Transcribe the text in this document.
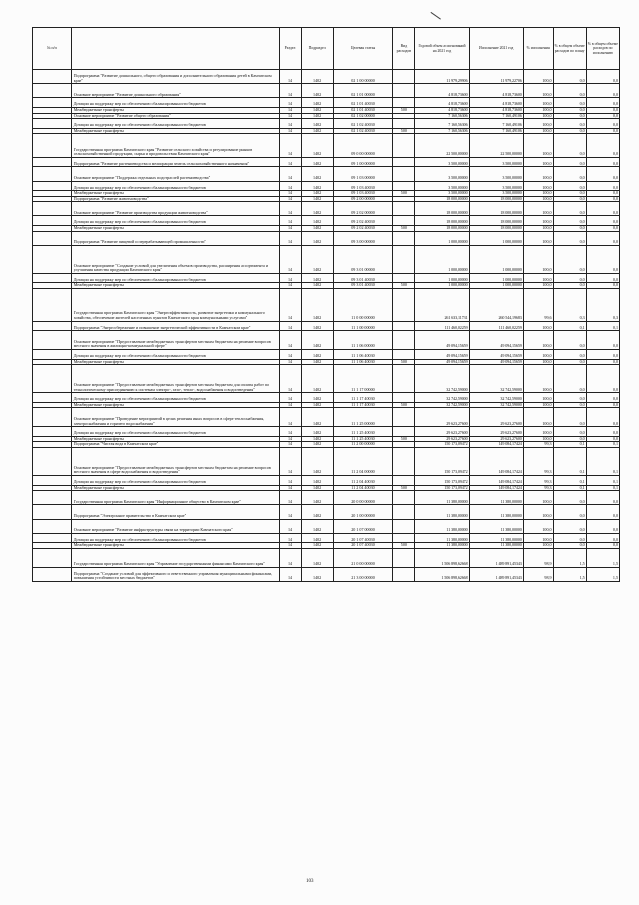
№ п/п		Раздел	Подраздел	Целевая статья	Вид расходов	Годовой объем ассигнований на 2021 год	Исполнение 2021 год	% исполнения	% в общем объеме расходов по плану	% в общем объеме расходов по исполнению
	Подпрограмма "Развитие дошкольного, общего образования и дополнительного образования детей в Камчатском крае"	14	1402	02 1 00 00000		11 979,29906	11 979,22706	100,0	0,0	0,0
	Основное мероприятие "Развитие дошкольного образования"	14	1402	02 1 01 00000		4 818,73600	4 818,73600	100,0	0,0	0,0
	Дотации на поддержку мер по обеспечению сбалансированности бюджетов	14	1402	02 1 01 40030		4 818,73600	4 818,73600	100,0	0,0	0,0
	Межбюджетные трансферты	14	1402	02 1 01 40030	500	4 818,73600	4 818,73600	100,0	0,0	0,0
	Основное мероприятие "Развитие общего образования"	14	1402	02 1 02 00000		7 160,56306	7 160,49106	100,0	0,0	0,0
	Дотации на поддержку мер по обеспечению сбалансированности бюджетов	14	1402	02 1 02 40030		7 160,56306	7 160,49106	100,0	0,0	0,0
	Межбюджетные трансферты	14	1402	02 1 02 40030	500	7 160,56306	7 160,49106	100,0	0,0	0,0
	Государственная программа Камчатского края "Развитие сельского хозяйства и регулирование рынков сельскохозяйственной продукции, сырья и продовольствия Камчатского края"	14	1402	09 0 00 00000		22 500,00000	22 500,00000	100,0	0,0	0,0
	Подпрограмма "Развитие растениеводства и мелиорации земель сельскохозяйственного назначения"	14	1402	09 1 00 00000		3 500,00000	3 500,00000	100,0	0,0	0,0
	Основное мероприятие "Поддержка отдельных подотраслей растениеводства"	14	1402	09 1 03 00000		3 500,00000	3 500,00000	100,0	0,0	0,0
	Дотации на поддержку мер по обеспечению сбалансированности бюджетов	14	1402	09 1 03 40030		3 500,00000	3 500,00000	100,0	0,0	0,0
	Межбюджетные трансферты	14	1402	09 1 03 40030	500	3 500,00000	3 500,00000	100,0	0,0	0,0
	Подпрограмма "Развитие животноводства"	14	1402	09 2 00 00000		18 000,00000	18 000,00000	100,0	0,0	0,0
	Основное мероприятие "Развитие производства продукции животноводства"	14	1402	09 2 02 00000		18 000,00000	18 000,00000	100,0	0,0	0,0
	Дотации на поддержку мер по обеспечению сбалансированности бюджетов	14	1402	09 2 02 40030		18 000,00000	18 000,00000	100,0	0,0	0,0
	Межбюджетные трансферты	14	1402	09 2 02 40030	500	18 000,00000	18 000,00000	100,0	0,0	0,0
	Подпрограмма "Развитие пищевой и перерабатывающей промышленности"	14	1402	09 3 00 00000		1 000,00000	1 000,00000	100,0	0,0	0,0
	Основное мероприятие "Создание условий для увеличения объемов производства, расширения ассортимента и улучшения качества продукции Камчатского края"	14	1402	09 3 01 00000		1 000,00000	1 000,00000	100,0	0,0	0,0
	Дотации на поддержку мер по обеспечению сбалансированности бюджетов	14	1402	09 3 01 40030		1 000,00000	1 000,00000	100,0	0,0	0,0
	Межбюджетные трансферты	14	1402	09 3 01 40030	500	1 000,00000	1 000,00000	100,0	0,0	0,0
	Государственная программа Камчатского края "Энергоэффективность, развитие энергетики и коммунального хозяйства, обеспечение жителей населенных пунктов Камчатского края коммунальными услугами"	14	1402	11 0 00 00000		261 633,11731	260 544,19683	99,6	0,3	0,3
	Подпрограмма "Энергосбережение и повышение энергетической эффективности в Камчатском крае"	14	1402	11 1 00 00000		111 460,02259	111 460,02259	100,0	0,1	0,1
	Основное мероприятие "Предоставление межбюджетных трансфертов местным бюджетам на решение вопросов местного значения в жилищно-коммунальной сфере"	14	1402	11 1 06 00000		49 094,15659	49 094,15659	100,0	0,0	0,0
	Дотации на поддержку мер по обеспечению сбалансированности бюджетов	14	1402	11 1 06 40030		49 094,15659	49 094,15659	100,0	0,0	0,0
	Межбюджетные трансферты	14	1402	11 1 06 40030	500	49 094,15659	49 094,15659	100,0	0,0	0,0
	Основное мероприятие "Предоставление межбюджетных трансфертов местным бюджетам для оплаты работ по технологическому присоединению к системам электро-, газо-, тепло-, водоснабжения и водоотведения"	14	1402	11 1 17 00000		32 742,59000	32 742,59000	100,0	0,0	0,0
	Дотации на поддержку мер по обеспечению сбалансированности бюджетов	14	1402	11 1 17 40030		32 742,59000	32 742,59000	100,0	0,0	0,0
	Межбюджетные трансферты	14	1402	11 1 17 40030	500	32 742,59000	32 742,59000	100,0	0,0	0,0
	Основное мероприятие "Проведение мероприятий в целях решения иных вопросов в сфере теплоснабжения, электроснабжения и горячего водоснабжения"	14	1402	11 1 25 00000		29 623,27600	29 623,27600	100,0	0,0	0,0
	Дотации на поддержку мер по обеспечению сбалансированности бюджетов	14	1402	11 1 25 40030		29 623,27600	29 623,27600	100,0	0,0	0,0
	Межбюджетные трансферты	14	1402	11 1 25 40030	500	29 623,27600	29 623,27600	100,0	0,0	0,0
	Подпрограмма "Чистая вода в Камчатском крае"	14	1402	11 2 00 00000		150 173,09472	149 084,17424	99,3	0,1	0,1
	Основное мероприятие "Предоставление межбюджетных трансфертов местным бюджетам на решение вопросов местного значения в сфере водоснабжения и водоотведения"	14	1402	11 2 04 00000		150 173,09472	149 084,17424	99,3	0,1	0,1
	Дотации на поддержку мер по обеспечению сбалансированности бюджетов	14	1402	11 2 04 40030		150 173,09472	149 084,17424	99,3	0,1	0,1
	Межбюджетные трансферты	14	1402	11 2 04 40030	500	150 173,09472	149 084,17424	99,3	0,1	0,1
	Государственная программа Камчатского края "Информационное общество в Камчатском крае"	14	1402	20 0 00 00000		11 380,00000	11 380,00000	100,0	0,0	0,0
	Подпрограмма "Электронное правительство в Камчатском крае"	14	1402	20 1 00 00000		11 380,00000	11 380,00000	100,0	0,0	0,0
	Основное мероприятие "Развитие инфраструктуры связи на территории Камчатского края"	14	1402	20 1 07 00000		11 380,00000	11 380,00000	100,0	0,0	0,0
	Дотации на поддержку мер по обеспечению сбалансированности бюджетов	14	1402	20 1 07 40030		11 380,00000	11 380,00000	100,0	0,0	0,0
	Межбюджетные трансферты	14	1402	20 1 07 40030	500	11 380,00000	11 380,00000	100,0	0,0	0,0
	Государственная программа Камчатского края "Управление государственными финансами Камчатского края"	14	1402	21 0 00 00000		1 506 898,62668	1 489 891,45343	98,9	1,5	1,5
	Подпрограмма "Создание условий для эффективного и ответственного управления муниципальными финансами, повышения устойчивости местных бюджетов"	14	1402	21 3 00 00000		1 506 898,62668	1 489 891,45343	98,9	1,5	1,5
103
